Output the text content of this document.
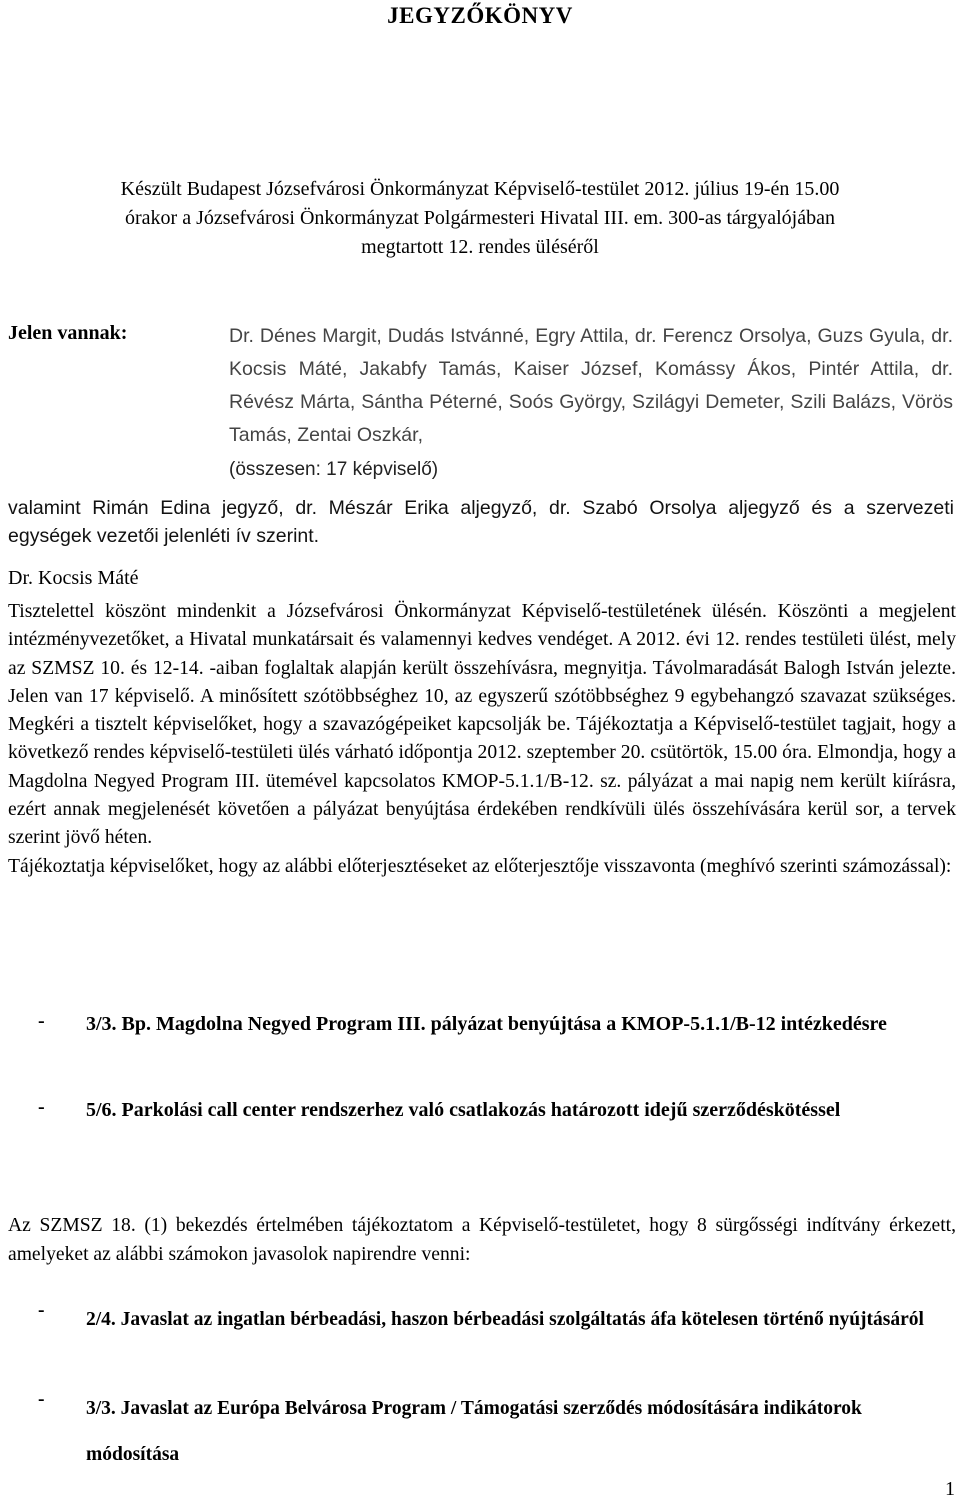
JEGYZŐKÖNYV
Készült Budapest Józsefvárosi Önkormányzat Képviselő-testület 2012. július 19-én 15.00
órakor a Józsefvárosi Önkormányzat Polgármesteri Hivatal III. em. 300-as tárgyalójában
megtartott 12. rendes üléséről
Jelen vannak:	Dr. Dénes Margit, Dudás Istvánné, Egry Attila, dr. Ferencz Orsolya, Guzs Gyula, dr. Kocsis Máté, Jakabfy Tamás, Kaiser József, Komássy Ákos, Pintér Attila, dr. Révész Márta, Sántha Péterné, Soós György, Szilágyi Demeter, Szili Balázs, Vörös Tamás, Zentai Oszkár,
(összesen: 17 képviselő)
valamint Rimán Edina jegyző, dr. Mészár Erika aljegyző, dr. Szabó Orsolya aljegyző és a szervezeti egységek vezetői jelenléti ív szerint.
Dr. Kocsis Máté

Tisztelettel köszönt mindenkit a Józsefvárosi Önkormányzat Képviselő-testületének ülésén. Köszönti a megjelent intézményvezetőket, a Hivatal munkatársait és valamennyi kedves vendéget. A 2012. évi 12. rendes testületi ülést, mely az SZMSZ 10. és 12-14. -aiban foglaltak alapján került összehívásra, megnyitja. Távolmaradását Balogh István jelezte. Jelen van 17 képviselő. A minősített szótöbbséghez 10, az egyszerű szótöbbséghez 9 egybehangzó szavazat szükséges. Megkéri a tisztelt képviselőket, hogy a szavazógépeiket kapcsolják be. Tájékoztatja a Képviselő-testület tagjait, hogy a következő rendes képviselő-testületi ülés várható időpontja 2012. szeptember 20. csütörtök, 15.00 óra. Elmondja, hogy a Magdolna Negyed Program III. ütemével kapcsolatos KMOP-5.1.1/B-12. sz. pályázat a mai napig nem került kiírásra, ezért annak megjelenését követően a pályázat benyújtása érdekében rendkívüli ülés összehívására kerül sor, a tervek szerint jövő héten.

Tájékoztatja képviselőket, hogy az alábbi előterjesztéseket az előterjesztője visszavonta (meghívó szerinti számozással):

- 3/3. Bp. Magdolna Negyed Program III. pályázat benyújtása a KMOP-5.1.1/B-12 intézkedésre
- 5/6. Parkolási call center rendszerhez való csatlakozás határozott idejű szerződéskötéssel
Az SZMSZ 18. (1) bekezdés értelmében tájékoztatom a Képviselő-testületet, hogy 8 sürgősségi indítvány érkezett, amelyeket az alábbi számokon javasolok napirendre venni:
- 2/4. Javaslat az ingatlan bérbeadási, haszon bérbeadási szolgáltatás áfa kötelesen történő nyújtásáról
- 3/3. Javaslat az Európa Belvárosa Program / Támogatási szerződés módosítására indikátorok módosítása
1
